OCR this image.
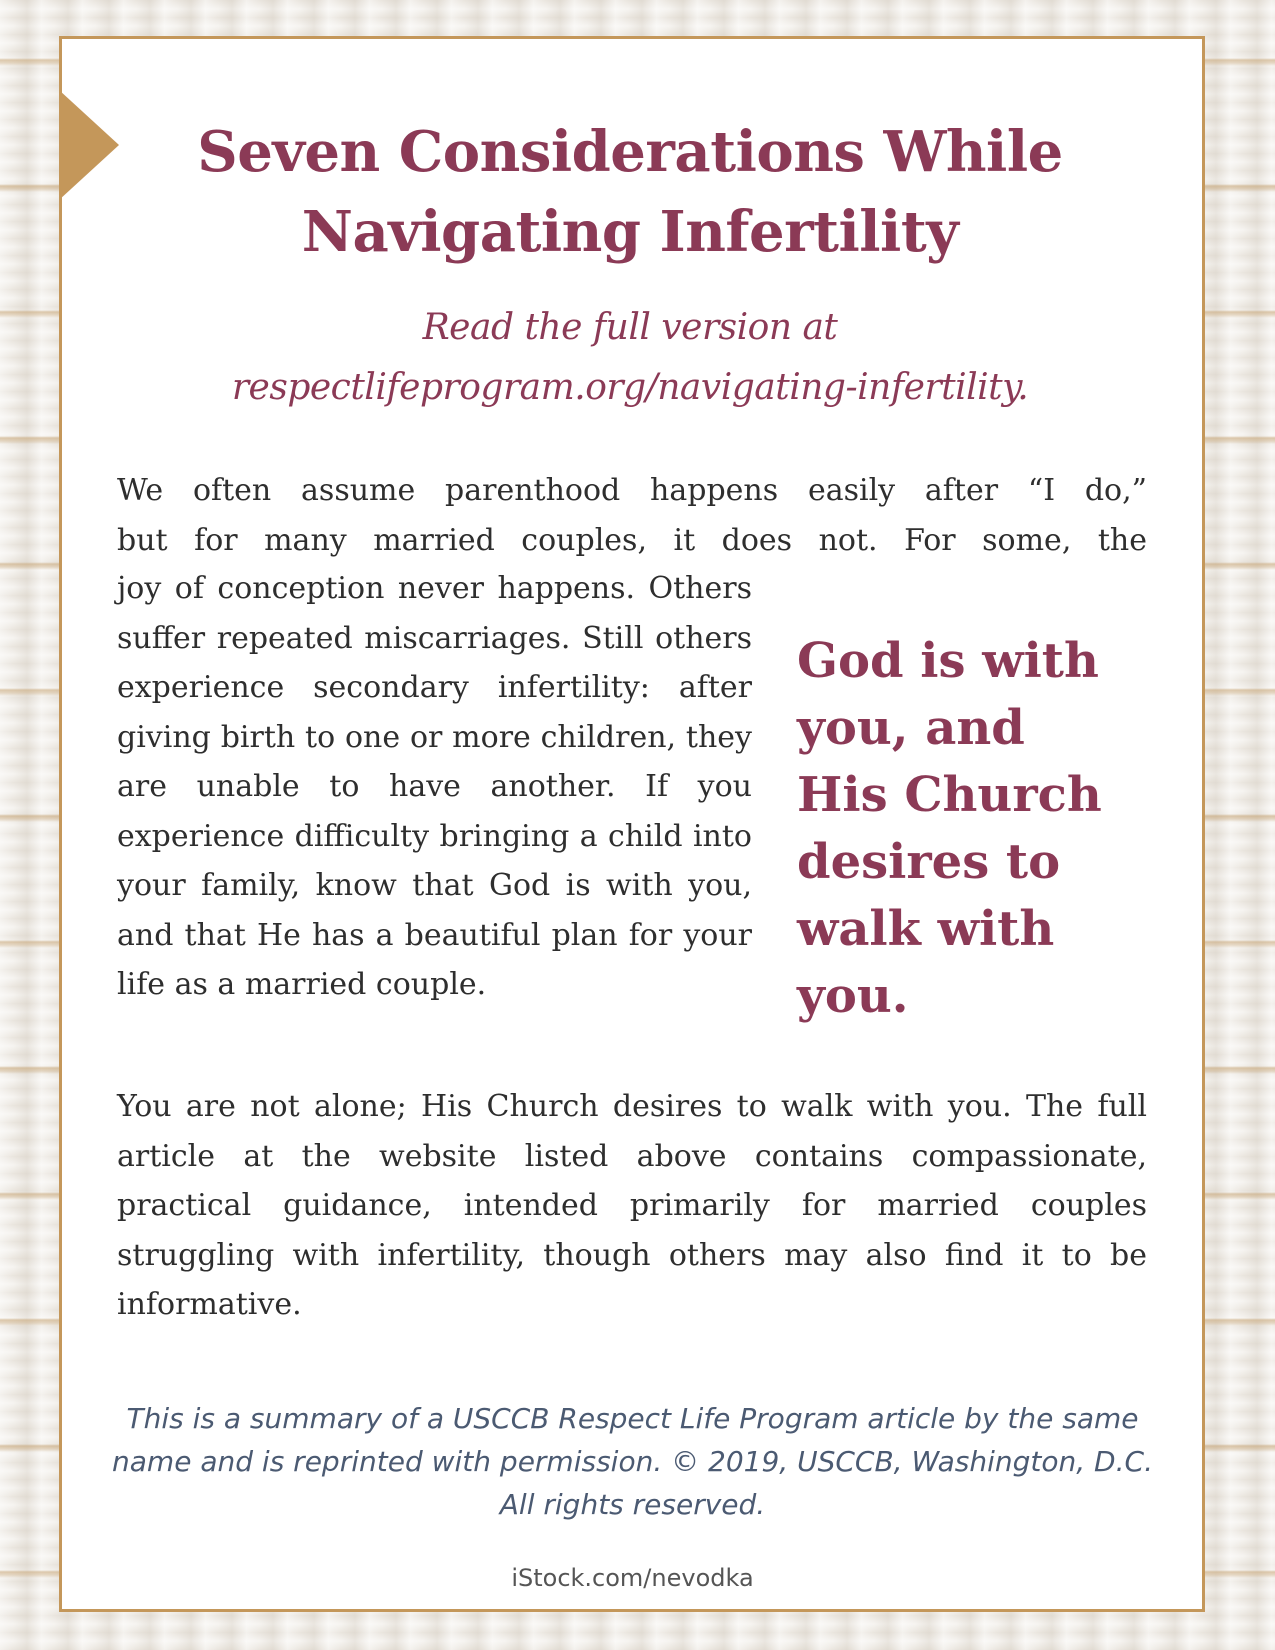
Seven Considerations While Navigating Infertility

Read the full version at
respectlifeprogram.org/navigating-infertility.

We often assume parenthood happens easily after “I do,”
but for many married couples, it does not. For some, the

joy of conception never happens. Others suffer repeated miscarriages. Still others experience secondary infertility: after giving birth to one or more children, they are unable to have another. If you experience difficulty bringing a child into your family, know that God is with you, and that He has a beautiful plan for your life as a married couple.

God is with you, and His Church desires to walk with you.

You are not alone; His Church desires to walk with you. The full article at the website listed above contains compassionate, practical guidance, intended primarily for married couples struggling with infertility, though others may also find it to be informative.

This is a summary of a USCCB Respect Life Program article by the same name and is reprinted with permission. © 2019, USCCB, Washington, D.C. All rights reserved.

iStock.com/nevodka
